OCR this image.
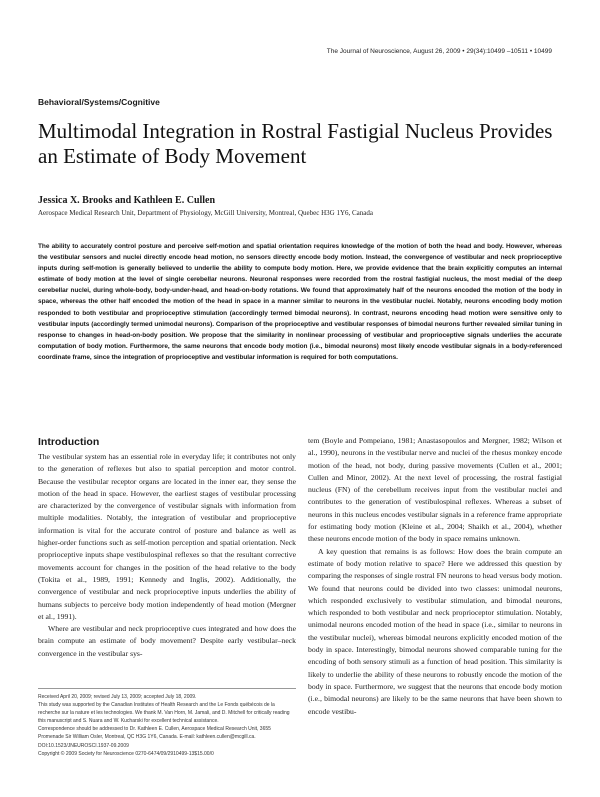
The Journal of Neuroscience, August 26, 2009 • 29(34):10499 –10511 • 10499
Behavioral/Systems/Cognitive
Multimodal Integration in Rostral Fastigial Nucleus Provides an Estimate of Body Movement
Jessica X. Brooks and Kathleen E. Cullen
Aerospace Medical Research Unit, Department of Physiology, McGill University, Montreal, Quebec H3G 1Y6, Canada

The ability to accurately control posture and perceive self-motion and spatial orientation requires knowledge of the motion of both the head and body. However, whereas the vestibular sensors and nuclei directly encode head motion, no sensors directly encode body motion. Instead, the convergence of vestibular and neck proprioceptive inputs during self-motion is generally believed to underlie the ability to compute body motion. Here, we provide evidence that the brain explicitly computes an internal estimate of body motion at the level of single cerebellar neurons. Neuronal responses were recorded from the rostral fastigial nucleus, the most medial of the deep cerebellar nuclei, during whole-body, body-under-head, and head-on-body rotations. We found that approximately half of the neurons encoded the motion of the body in space, whereas the other half encoded the motion of the head in space in a manner similar to neurons in the vestibular nuclei. Notably, neurons encoding body motion responded to both vestibular and proprioceptive stimulation (accordingly termed bimodal neurons). In contrast, neurons encoding head motion were sensitive only to vestibular inputs (accordingly termed unimodal neurons). Comparison of the proprioceptive and vestibular responses of bimodal neurons further revealed similar tuning in response to changes in head-on-body position. We propose that the similarity in nonlinear processing of vestibular and proprioceptive signals underlies the accurate computation of body motion. Furthermore, the same neurons that encode body motion (i.e., bimodal neurons) most likely encode vestibular signals in a body-referenced coordinate frame, since the integration of proprioceptive and vestibular information is required for both computations.

Introduction

The vestibular system has an essential role in everyday life; it contributes not only to the generation of reflexes but also to spatial perception and motor control. Because the vestibular receptor organs are located in the inner ear, they sense the motion of the head in space. However, the earliest stages of vestibular processing are characterized by the convergence of vestibular signals with information from multiple modalities. Notably, the integration of vestibular and proprioceptive information is vital for the accurate control of posture and balance as well as higher-order functions such as self-motion perception and spatial orientation. Neck proprioceptive inputs shape vestibulospinal reflexes so that the resultant corrective movements account for changes in the position of the head relative to the body (Tokita et al., 1989, 1991; Kennedy and Inglis, 2002). Additionally, the convergence of vestibular and neck proprioceptive inputs underlies the ability of humans subjects to perceive body motion independently of head motion (Mergner et al., 1991).

Where are vestibular and neck proprioceptive cues integrated and how does the brain compute an estimate of body movement? Despite early vestibular–neck convergence in the vestibular sys-

tem (Boyle and Pompeiano, 1981; Anastasopoulos and Mergner, 1982; Wilson et al., 1990), neurons in the vestibular nerve and nuclei of the rhesus monkey encode motion of the head, not body, during passive movements (Cullen et al., 2001; Cullen and Minor, 2002). At the next level of processing, the rostral fastigial nucleus (FN) of the cerebellum receives input from the vestibular nuclei and contributes to the generation of vestibulospinal reflexes. Whereas a subset of neurons in this nucleus encodes vestibular signals in a reference frame appropriate for estimating body motion (Kleine et al., 2004; Shaikh et al., 2004), whether these neurons encode motion of the body in space remains unknown.

A key question that remains is as follows: How does the brain compute an estimate of body motion relative to space? Here we addressed this question by comparing the responses of single rostral FN neurons to head versus body motion. We found that neurons could be divided into two classes: unimodal neurons, which responded exclusively to vestibular stimulation, and bimodal neurons, which responded to both vestibular and neck proprioceptor stimulation. Notably, unimodal neurons encoded motion of the head in space (i.e., similar to neurons in the vestibular nuclei), whereas bimodal neurons explicitly encoded motion of the body in space. Interestingly, bimodal neurons showed comparable tuning for the encoding of both sensory stimuli as a function of head position. This similarity is likely to underlie the ability of these neurons to robustly encode the motion of the body in space. Furthermore, we suggest that the neurons that encode body motion (i.e., bimodal neurons) are likely to be the same neurons that have been shown to encode vestibu-

Received April 20, 2009; revised July 13, 2009; accepted July 18, 2009.
This study was supported by the Canadian Institutes of Health Research and the Le Fonds québécois de la recherche sur la nature et les technologies. We thank M. Van Horn, M. Jamali, and D. Mitchell for critically reading this manuscript and S. Nuara and W. Kucharski for excellent technical assistance.
Correspondence should be addressed to Dr. Kathleen E. Cullen, Aerospace Medical Research Unit, 3655 Promenade Sir William Osler, Montreal, QC H3G 1Y6, Canada. E-mail: kathleen.cullen@mcgill.ca.
DOI:10.1523/JNEUROSCI.1937-09.2009
Copyright © 2009 Society for Neuroscience 0270-6474/09/2910499-13$15.00/0
